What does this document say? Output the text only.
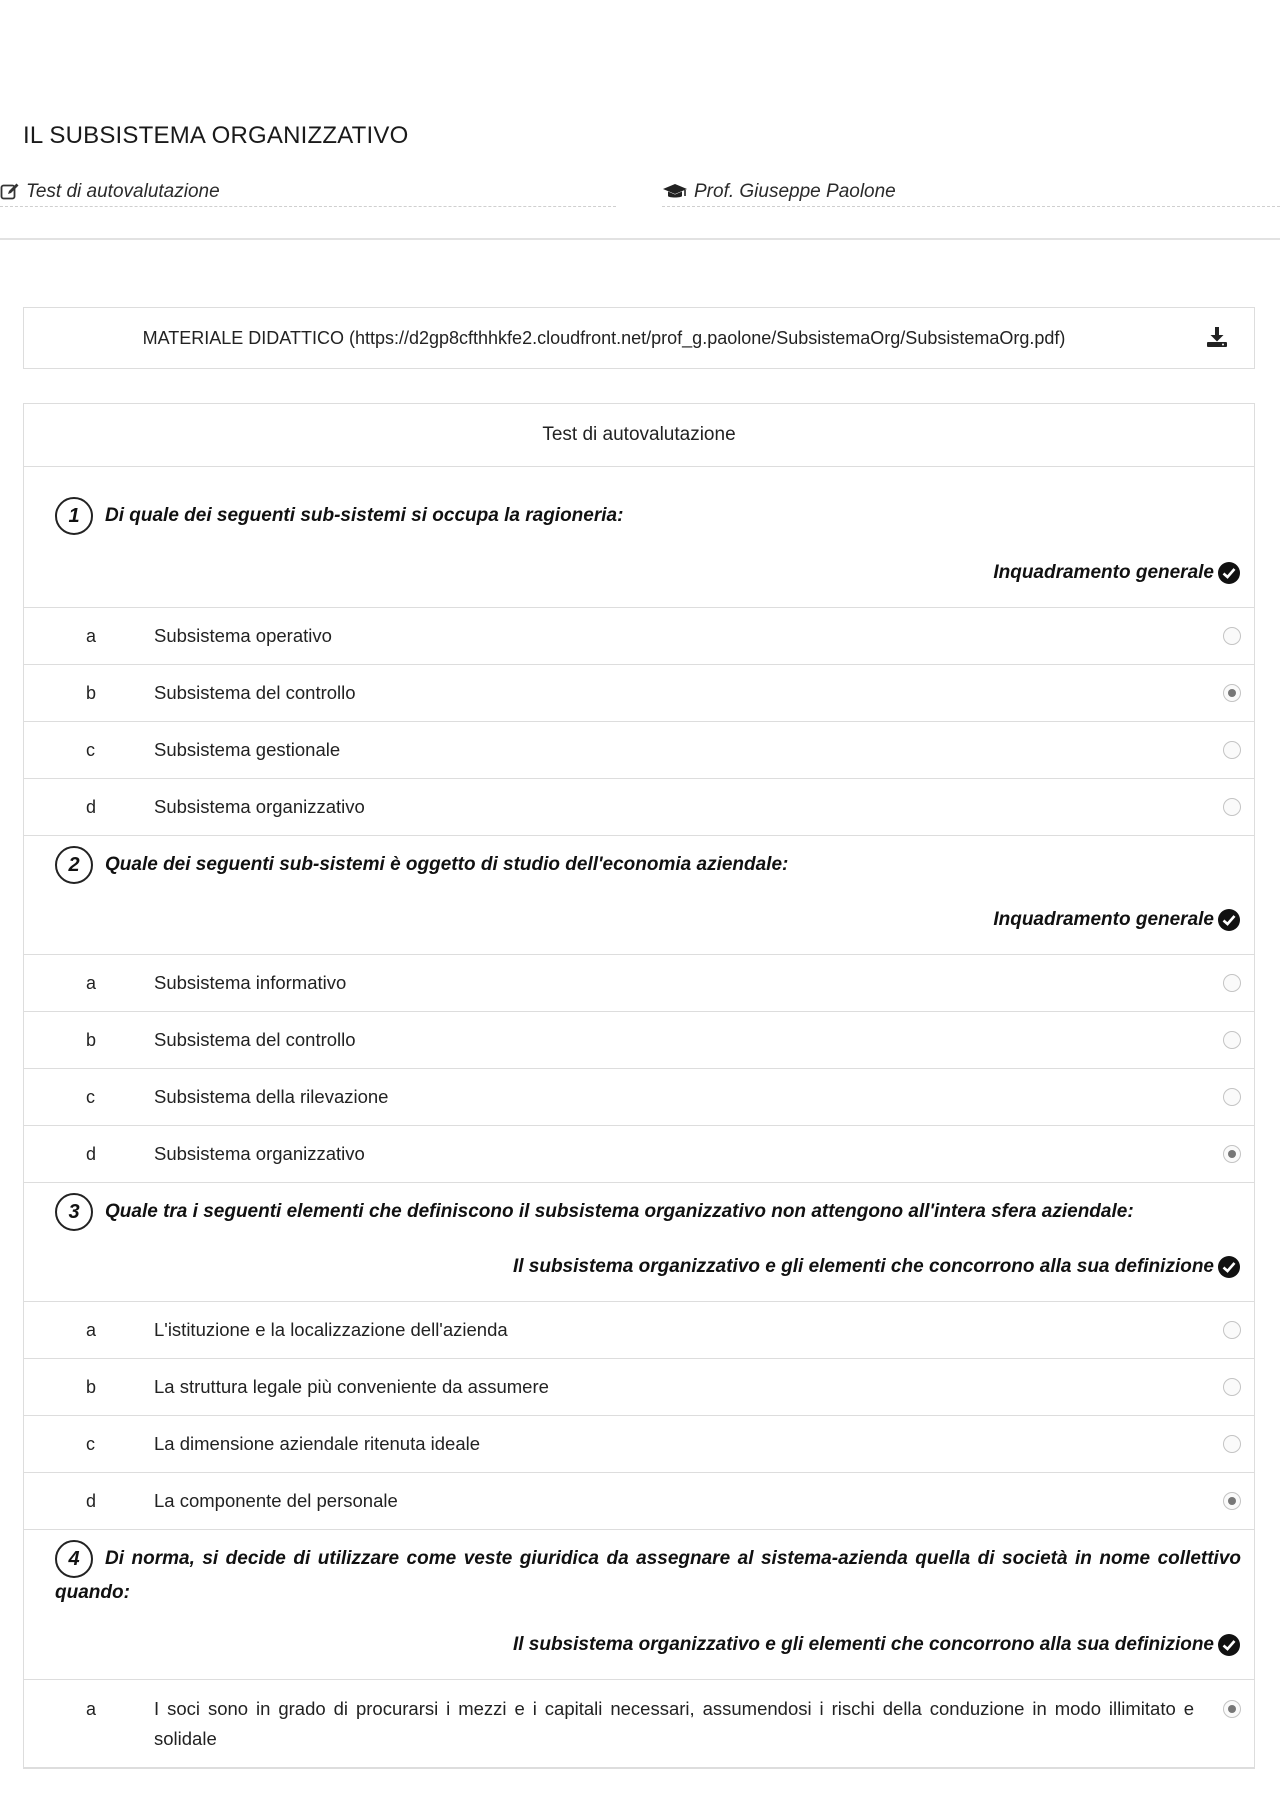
IL SUBSISTEMA ORGANIZZATIVO
Test di autovalutazione	Prof. Giuseppe Paolone
MATERIALE DIDATTICO (https://d2gp8cfthhkfe2.cloudfront.net/prof_g.paolone/SubsistemaOrg/SubsistemaOrg.pdf)
Test di autovalutazione
1 Di quale dei seguenti sub-sistemi si occupa la ragioneria:
Inquadramento generale
a	Subsistema operativo
b	Subsistema del controllo
c	Subsistema gestionale
d	Subsistema organizzativo
2 Quale dei seguenti sub-sistemi è oggetto di studio dell'economia aziendale:
Inquadramento generale
a	Subsistema informativo
b	Subsistema del controllo
c	Subsistema della rilevazione
d	Subsistema organizzativo
3 Quale tra i seguenti elementi che definiscono il subsistema organizzativo non attengono all'intera sfera aziendale:
Il subsistema organizzativo e gli elementi che concorrono alla sua definizione
a	L'istituzione e la localizzazione dell'azienda
b	La struttura legale più conveniente da assumere
c	La dimensione aziendale ritenuta ideale
d	La componente del personale
4 Di norma, si decide di utilizzare come veste giuridica da assegnare al sistema-azienda quella di società in nome collettivo quando:
Il subsistema organizzativo e gli elementi che concorrono alla sua definizione
a	I soci sono in grado di procurarsi i mezzi e i capitali necessari, assumendosi i rischi della conduzione in modo illimitato e solidale
